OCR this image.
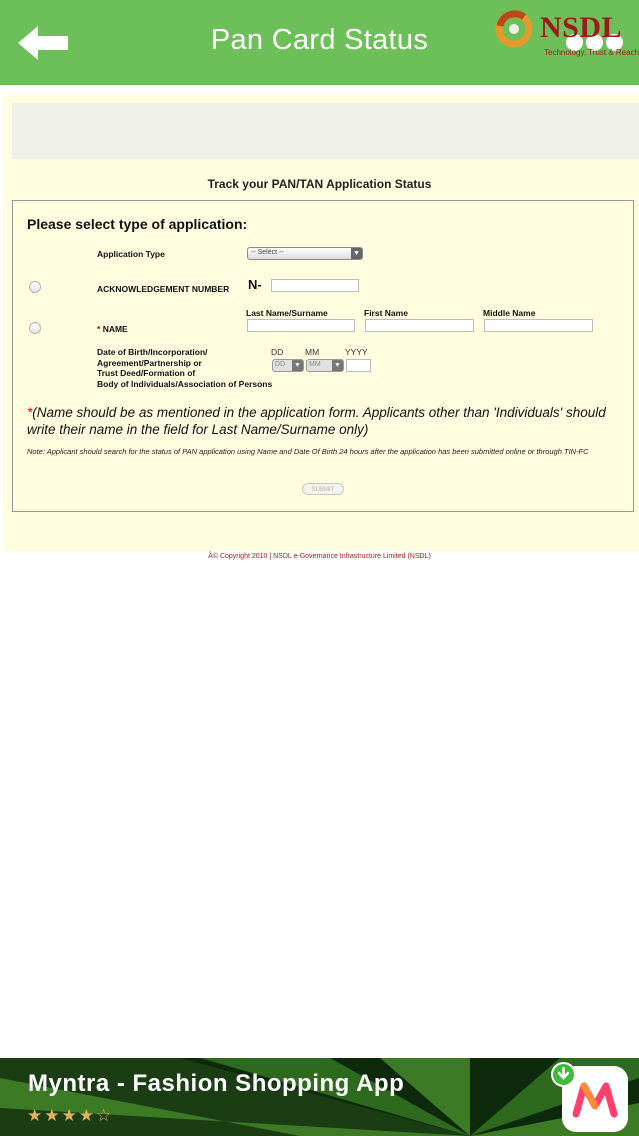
Pan Card Status	NSDL
Technology, Trust & Reach
Track your PAN/TAN Application Status
Please select type of application:
Application Type	-- Select --	▼
ACKNOWLEDGEMENT NUMBER N-
Last Name/Surname	First Name	Middle Name
* NAME
Date of Birth/Incorporation/
Agreement/Partnership or
Trust Deed/Formation of
Body of Individuals/Association of Persons
DD	MM	YYYY
DD ▼	MM ▼
*(Name should be as mentioned in the application form. Applicants other than 'Individuals' should write their name in the field for Last Name/Surname only)
Note: Applicant should search for the status of PAN application using Name and Date Of Birth 24 hours after the application has been submitted online or through TIN-FC
SUBMIT
Â© Copyright 2010 | NSDL e-Governance Infrastructure Limited (NSDL)
Myntra - Fashion Shopping App
★★★★☆
